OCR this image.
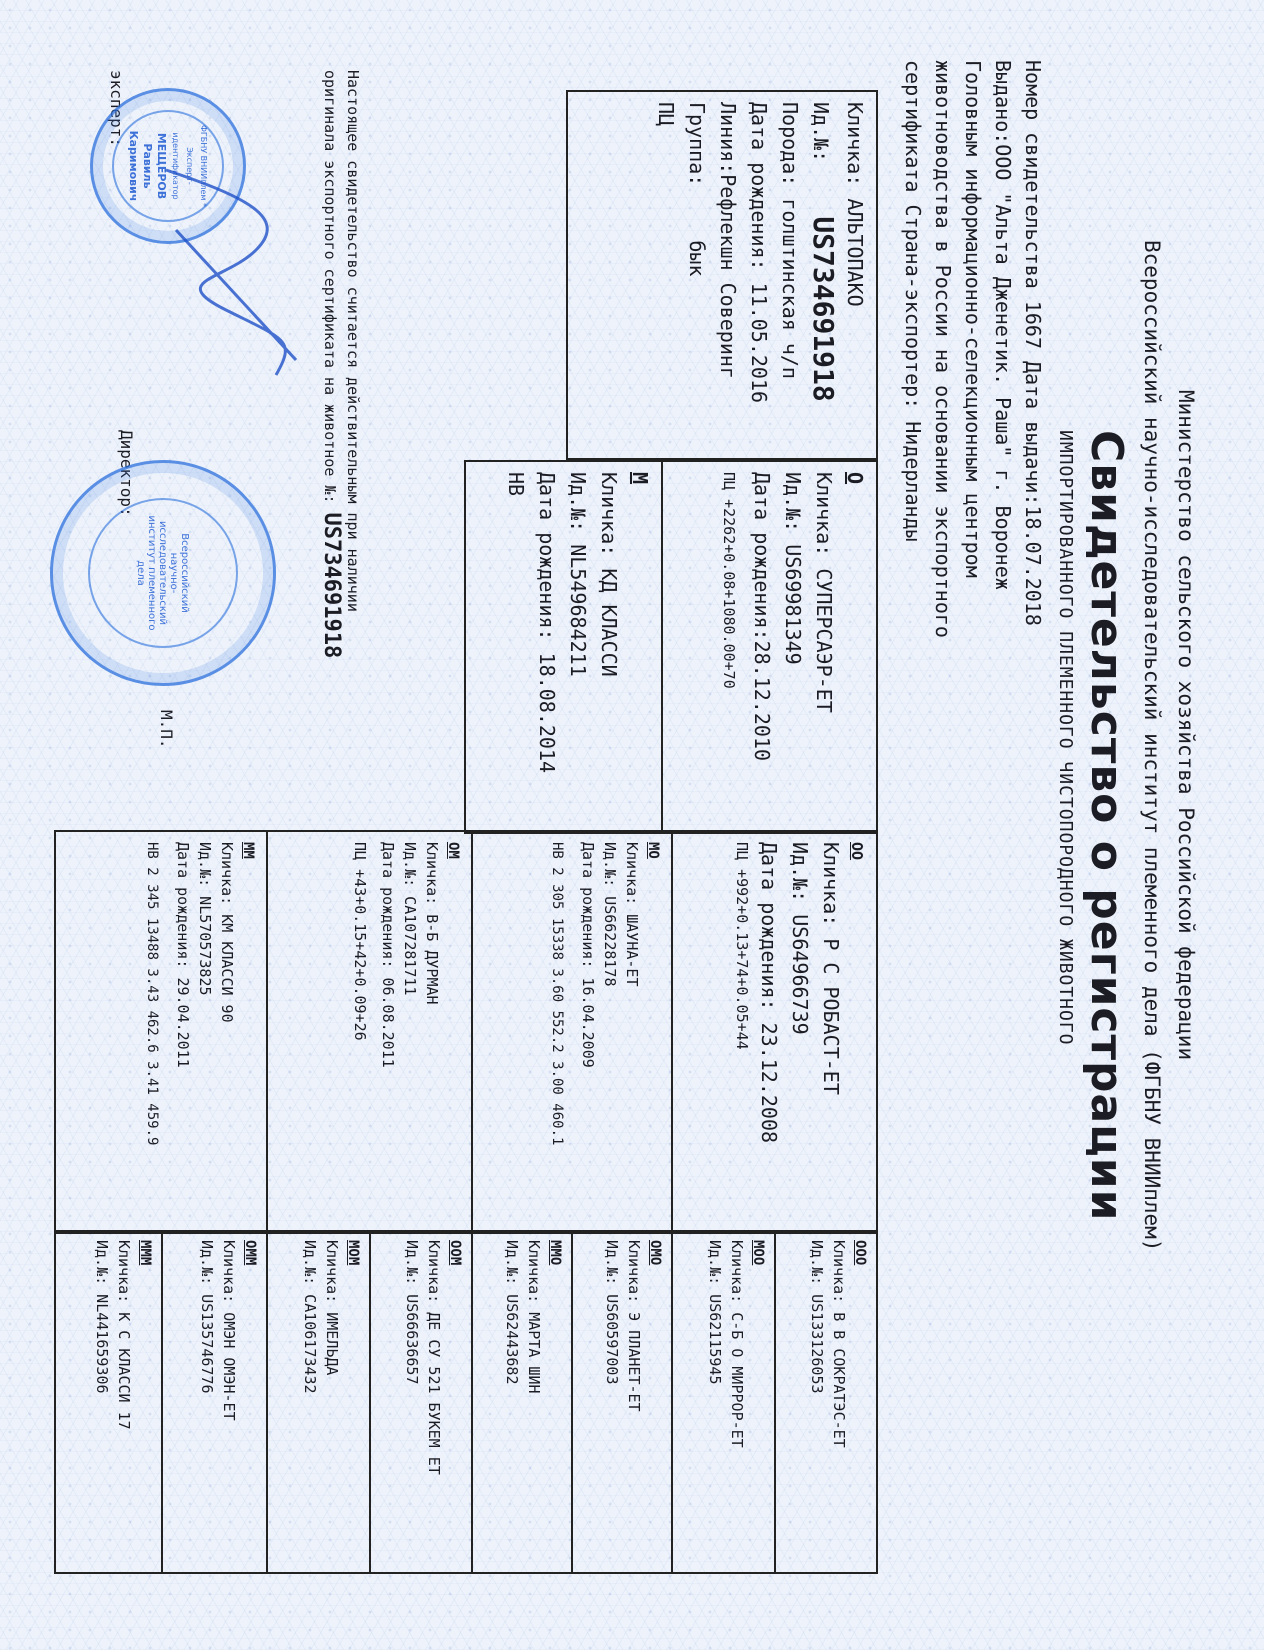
Министерство сельского хозяйства Российской федерации
Всероссийский научно-исследовательский институт племенного дела (ФГБНУ ВНИИплем)
Свидетельство о регистрации
ИМПОРТИРОВАННОГО ПЛЕМЕННОГО ЧИСТОПОРОДНОГО ЖИВОТНОГО
Номер свидетельства 1667 Дата выдачи:18.07.2018
Выдано:ООО "Альта Дженетик. Раша" г. Воронеж
Головным информационно-селекционным центром
животноводства в России на основании экспортного
сертификата Страна-экспортер: Нидерланды
Кличка: АЛЬТОПАКО
Ид.№:  US734691918
Порода: голштинская ч/п
Дата рождения: 11.05.2016
Линия:Рефлекшн Соверинг
Группа:  бык
ПЦ
О
Кличка: СУПЕРСАЭР-ЕТ
Ид.№: US69981349
Дата рождения:28.12.2010
ПЦ +2262+0.08+1080.00+70
М
Кличка: КД КЛАССИ
Ид.№: NL549684211
Дата рождения: 18.08.2014
НВ
ОО
Кличка: Р С РОБАСТ-ЕТ
Ид.№: US64966739
Дата рождения: 23.12.2008
ПЦ +992+0.13+74+0.05+44
МО
Кличка: ШАУНА-ЕТ
Ид.№: US66228178
Дата рождения: 16.04.2009
НВ 2 305 15338 3.60 552.2 3.00 460.1
ОМ
Кличка: В-Б ДУРМАН
Ид.№: CA107281711
Дата рождения: 06.08.2011
ПЦ +43+0.15+42+0.09+26
ММ
Кличка: КМ КЛАССИ 90
Ид.№: NL570573825
Дата рождения: 29.04.2011
НВ 2 345 13488 3.43 462.6 3.41 459.9
ООО
Кличка: В В СОКРАТЭС-ЕТ
Ид.№: US133126053
МОО
Кличка: С-Б О МИРРОР-ЕТ
Ид.№: US62115945
ОМО
Кличка: Э ПЛАНЕТ-ЕТ
Ид.№: US60597003
ММО
Кличка: МАРТА ШИН
Ид.№: US62443682
ООМ
Кличка: ДЕ СУ 521 БУКЕМ ЕТ
Ид.№: US66636657
МОМ
Кличка: ИМЕЛЬДА
Ид.№: CA106173432
ОММ
Кличка: ОМЭН ОМЭН-ЕТ
Ид.№: US135746776
МММ
Кличка: К С КЛАССИ 17
Ид.№: NL441659306
Настоящее свидетельство считается действительным при наличии
оригинала экспортного сертификата на животное №: US734691918
эксперт:
Директор:
М.П.
ФГБНУ ВНИИплем * Эксперт-идентификатор
МЕЩЕРОВ Равиль Каримович
Всероссийский научно-исследовательский институт племенного дела
